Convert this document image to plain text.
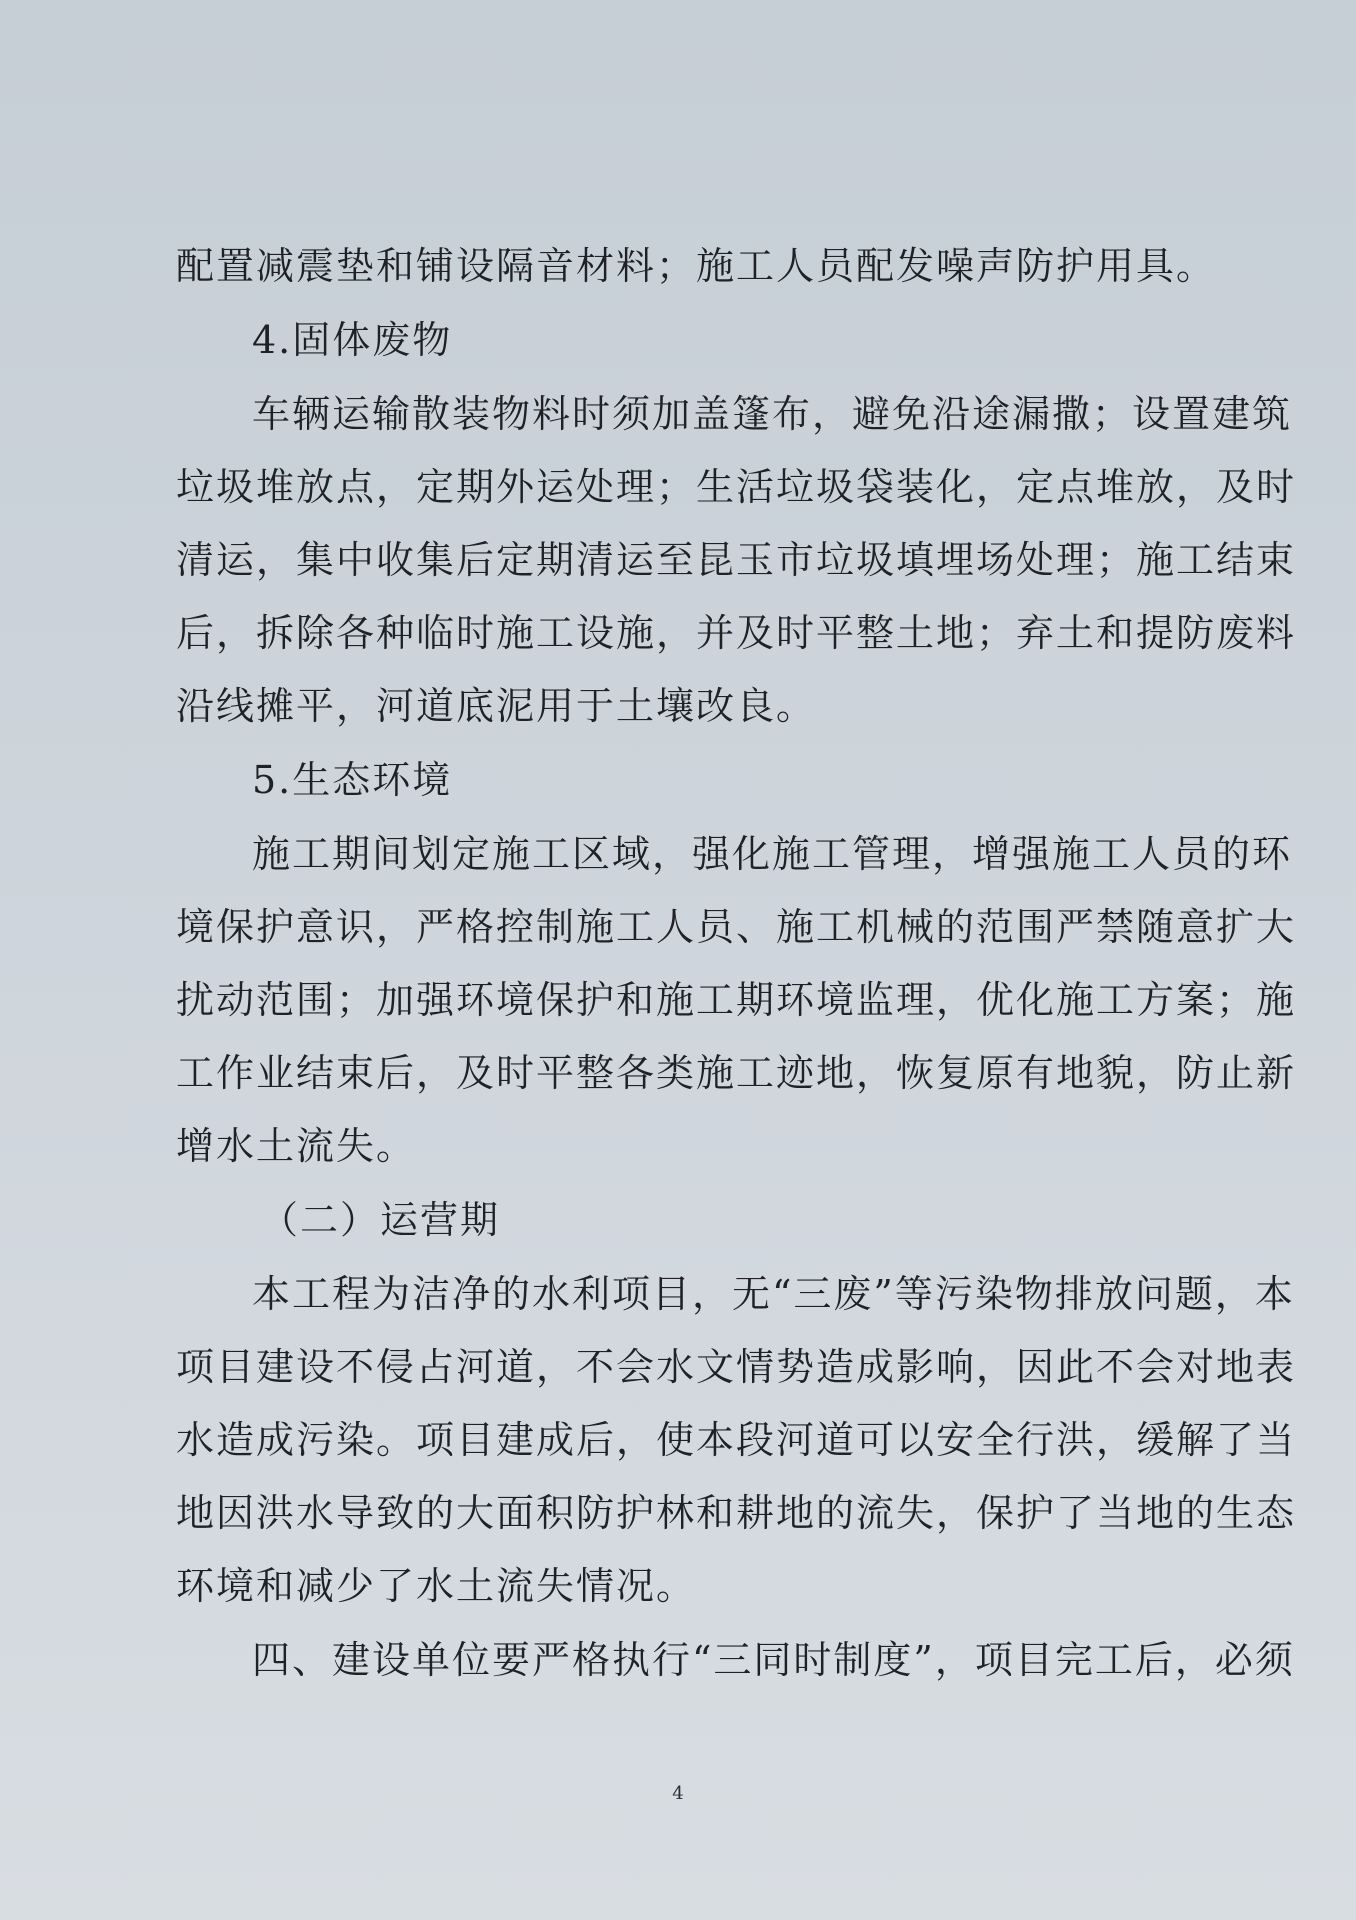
配置减震垫和铺设隔音材料；施工人员配发噪声防护用具。
4.固体废物
车辆运输散装物料时须加盖篷布，避免沿途漏撒；设置建筑
垃圾堆放点，定期外运处理；生活垃圾袋装化，定点堆放，及时
清运，集中收集后定期清运至昆玉市垃圾填埋场处理；施工结束
后，拆除各种临时施工设施，并及时平整土地；弃土和提防废料
沿线摊平，河道底泥用于土壤改良。
5.生态环境
施工期间划定施工区域，强化施工管理，增强施工人员的环
境保护意识，严格控制施工人员、施工机械的范围严禁随意扩大
扰动范围；加强环境保护和施工期环境监理，优化施工方案；施
工作业结束后，及时平整各类施工迹地，恢复原有地貌，防止新
增水土流失。
（二）运营期
本工程为洁净的水利项目，无“三废”等污染物排放问题，本
项目建设不侵占河道，不会水文情势造成影响，因此不会对地表
水造成污染。项目建成后，使本段河道可以安全行洪，缓解了当
地因洪水导致的大面积防护林和耕地的流失，保护了当地的生态
环境和减少了水土流失情况。
四、建设单位要严格执行“三同时制度”，项目完工后，必须
4
